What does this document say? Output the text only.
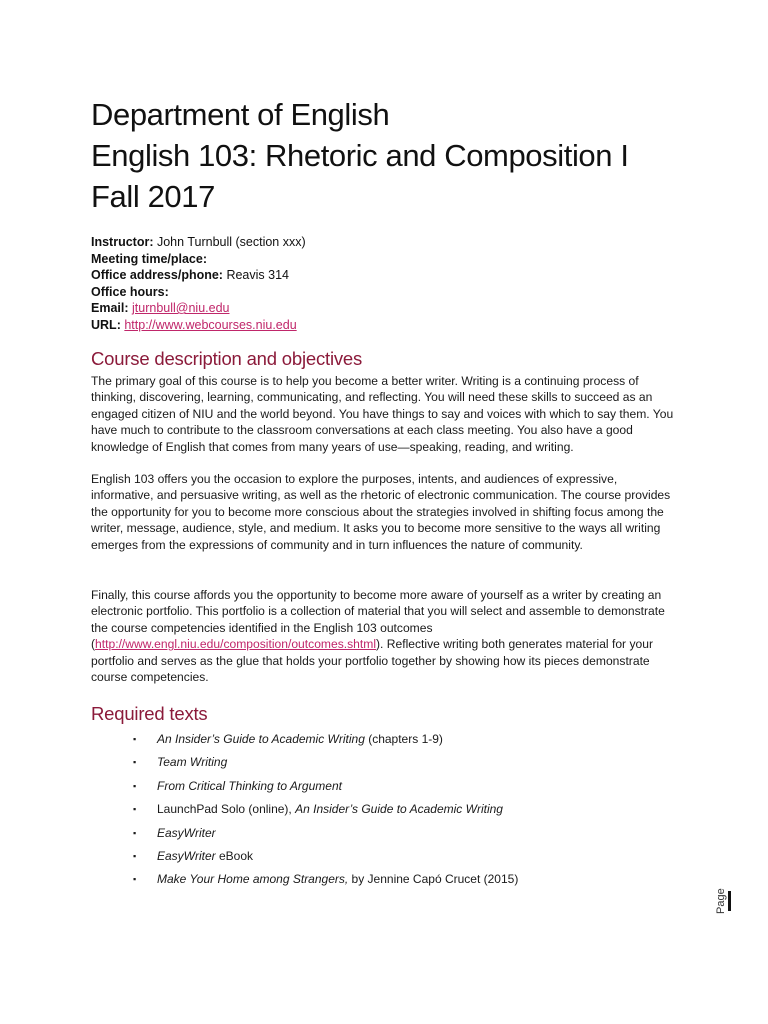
Department of English
English 103: Rhetoric and Composition I
Fall 2017
Instructor: John Turnbull (section xxx)
Meeting time/place:
Office address/phone: Reavis 314
Office hours:
Email: jturnbull@niu.edu
URL: http://www.webcourses.niu.edu
Course description and objectives
The primary goal of this course is to help you become a better writer. Writing is a continuing process of thinking, discovering, learning, communicating, and reflecting. You will need these skills to succeed as an engaged citizen of NIU and the world beyond. You have things to say and voices with which to say them. You have much to contribute to the classroom conversations at each class meeting. You also have a good knowledge of English that comes from many years of use—speaking, reading, and writing.
English 103 offers you the occasion to explore the purposes, intents, and audiences of expressive, informative, and persuasive writing, as well as the rhetoric of electronic communication. The course provides the opportunity for you to become more conscious about the strategies involved in shifting focus among the writer, message, audience, style, and medium. It asks you to become more sensitive to the ways all writing emerges from the expressions of community and in turn influences the nature of community.
Finally, this course affords you the opportunity to become more aware of yourself as a writer by creating an electronic portfolio. This portfolio is a collection of material that you will select and assemble to demonstrate the course competencies identified in the English 103 outcomes (http://www.engl.niu.edu/composition/outcomes.shtml). Reflective writing both generates material for your portfolio and serves as the glue that holds your portfolio together by showing how its pieces demonstrate course competencies.
Required texts
▪ An Insider’s Guide to Academic Writing (chapters 1-9)
▪ Team Writing
▪ From Critical Thinking to Argument
▪ LaunchPad Solo (online), An Insider’s Guide to Academic Writing
▪ EasyWriter
▪ EasyWriter eBook
▪ Make Your Home among Strangers, by Jennine Capó Crucet (2015)
Page
